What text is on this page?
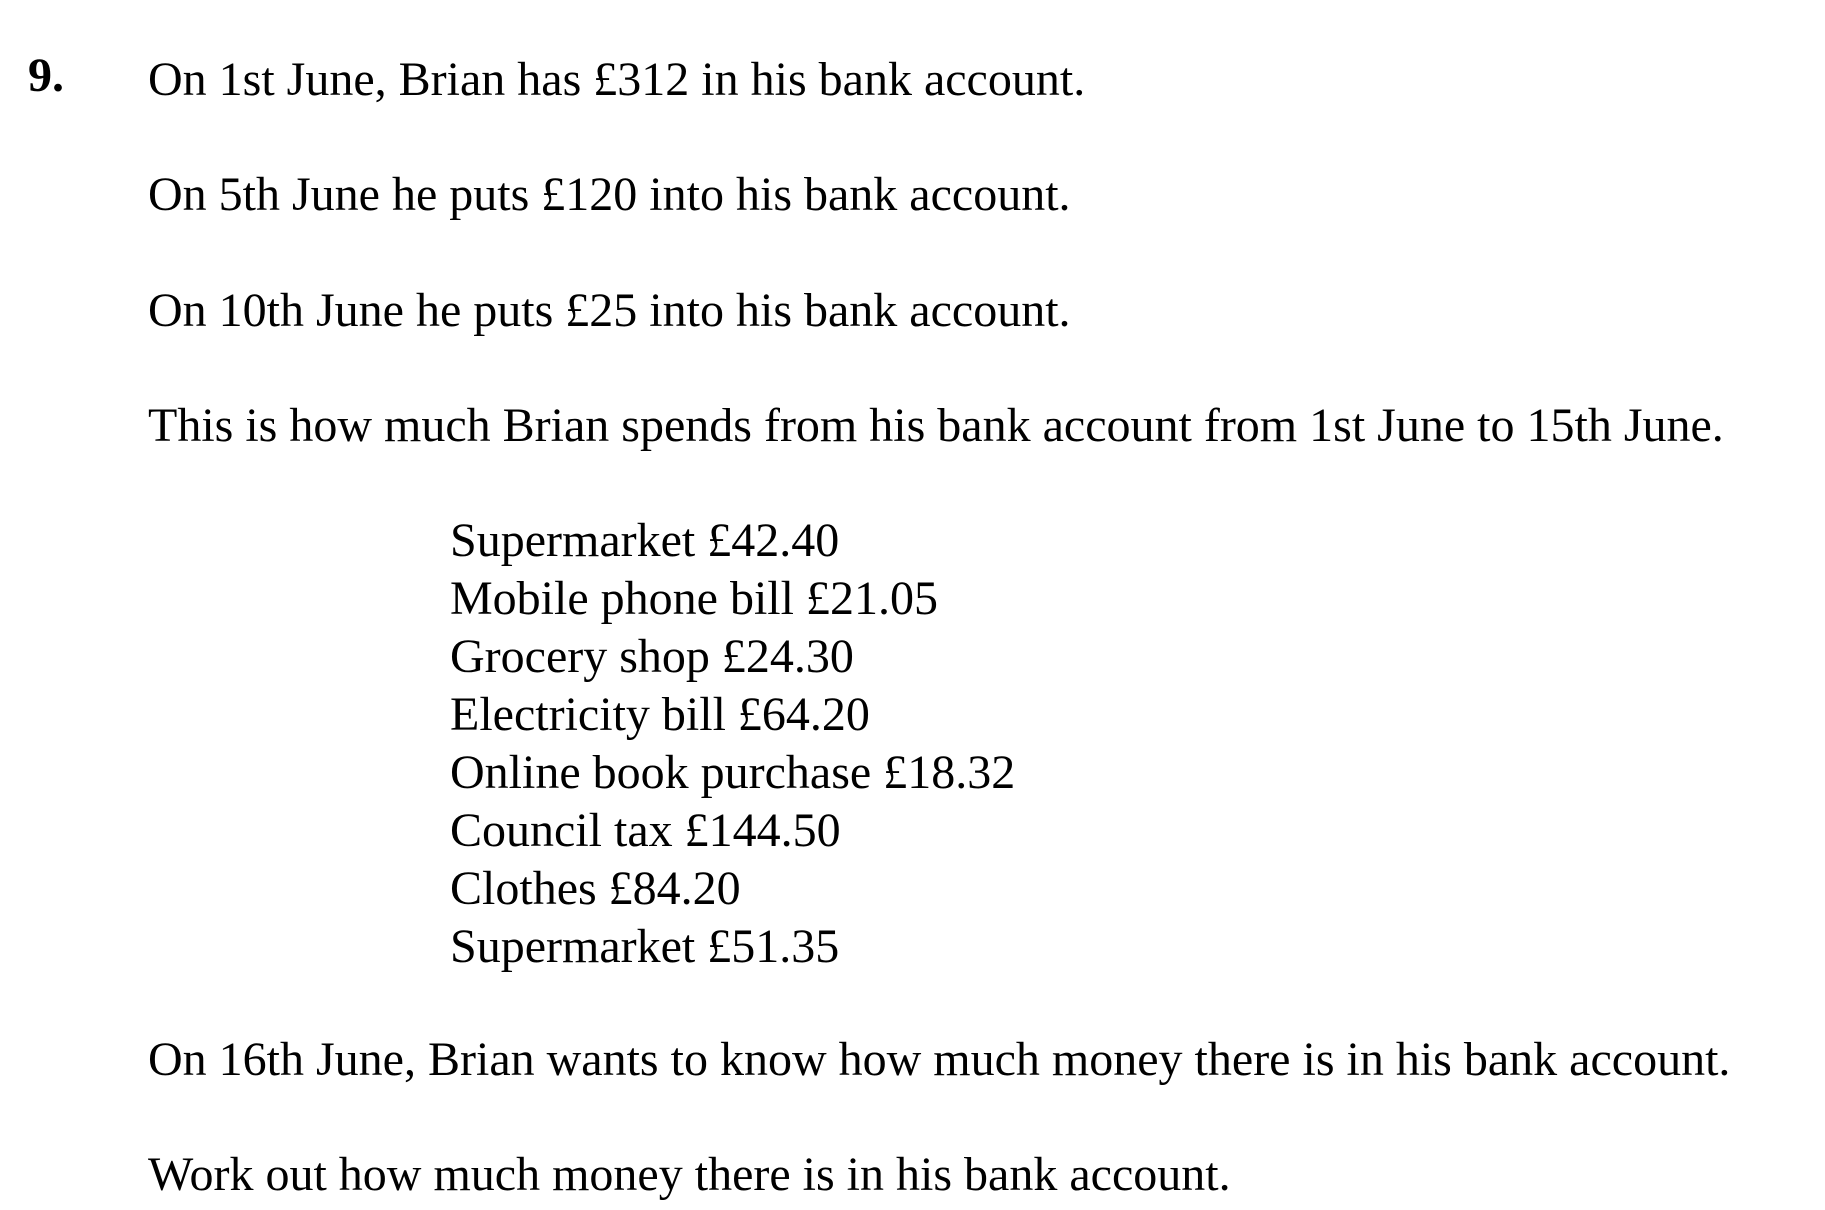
9. On 1st June, Brian has £312 in his bank account.
On 5th June he puts £120 into his bank account.
On 10th June he puts £25 into his bank account.
This is how much Brian spends from his bank account from 1st June to 15th June.
Supermarket £42.40
Mobile phone bill £21.05
Grocery shop £24.30
Electricity bill £64.20
Online book purchase £18.32
Council tax £144.50
Clothes £84.20
Supermarket £51.35
On 16th June, Brian wants to know how much money there is in his bank account.
Work out how much money there is in his bank account.
